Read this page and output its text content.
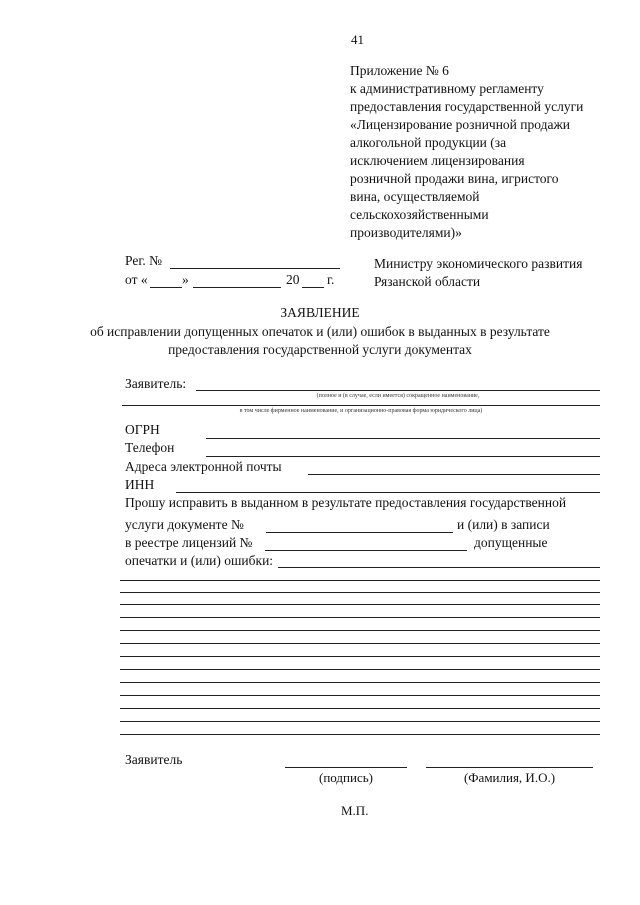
41
Приложение № 6
к административному регламенту
предоставления государственной услуги
«Лицензирование розничной продажи
алкогольной продукции (за
исключением лицензирования
розничной продажи вина, игристого
вина, осуществляемой
сельскохозяйственными
производителями)»
Рег. №
от «	»	20 г.
Министру экономического развития
Рязанской области
ЗАЯВЛЕНИЕ
об исправлении допущенных опечаток и (или) ошибок в выданных в результате
предоставления государственной услуги документах
Заявитель:
(полное и (в случае, если имеется) сокращенное наименование,
в том числе фирменное наименование, и организационно-правовая форма юридического лица)
ОГРН
Телефон
Адреса электронной почты
ИНН
Прошу исправить в выданном в результате предоставления государственной
услуги документе №	и (или) в записи
в реестре лицензий №	допущенные
опечатки и (или) ошибки:
Заявитель
(подпись)	(Фамилия, И.О.)
М.П.
